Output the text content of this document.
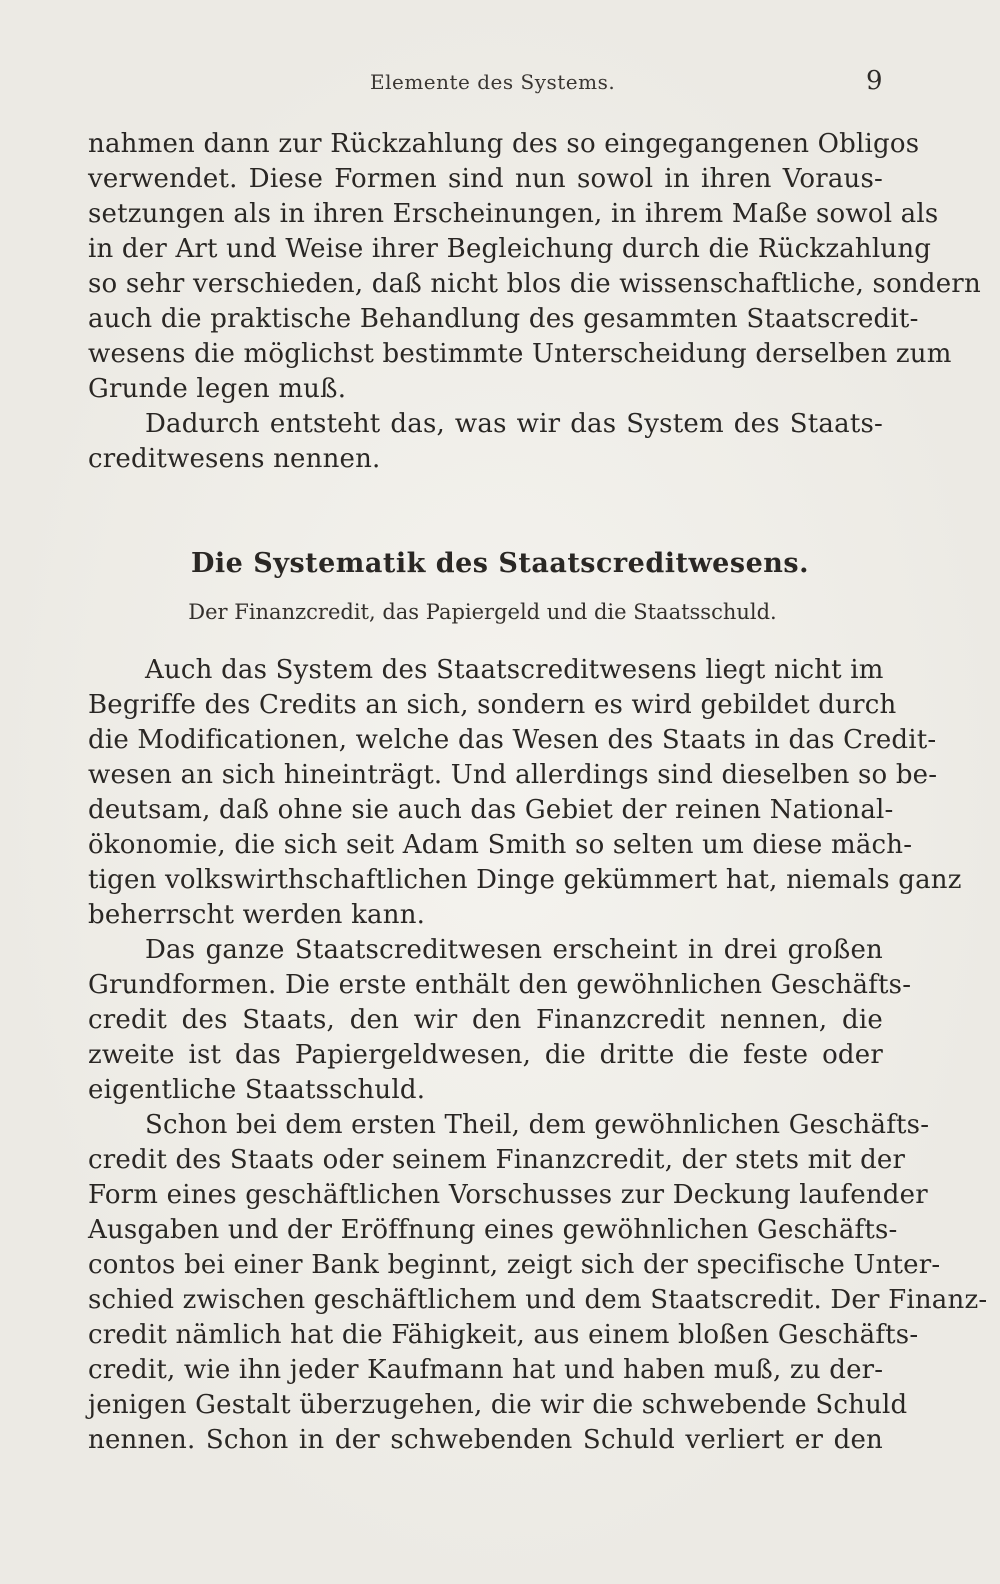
Elemente des Systems.	9
nahmen dann zur Rückzahlung des so eingegangenen Obligos
verwendet. Diese Formen sind nun sowol in ihren Voraus-
setzungen als in ihren Erscheinungen, in ihrem Maße sowol als
in der Art und Weise ihrer Begleichung durch die Rückzahlung
so sehr verschieden, daß nicht blos die wissenschaftliche, sondern
auch die praktische Behandlung des gesammten Staatscredit-
wesens die möglichst bestimmte Unterscheidung derselben zum
Grunde legen muß.
Dadurch entsteht das, was wir das System des Staats-
creditwesens nennen.
Die Systematik des Staatscreditwesens.
Der Finanzcredit, das Papiergeld und die Staatsschuld.
Auch das System des Staatscreditwesens liegt nicht im
Begriffe des Credits an sich, sondern es wird gebildet durch
die Modificationen, welche das Wesen des Staats in das Credit-
wesen an sich hineinträgt. Und allerdings sind dieselben so be-
deutsam, daß ohne sie auch das Gebiet der reinen National-
ökonomie, die sich seit Adam Smith so selten um diese mäch-
tigen volkswirthschaftlichen Dinge gekümmert hat, niemals ganz
beherrscht werden kann.
Das ganze Staatscreditwesen erscheint in drei großen
Grundformen. Die erste enthält den gewöhnlichen Geschäfts-
credit des Staats, den wir den Finanzcredit nennen, die
zweite ist das Papiergeldwesen, die dritte die feste oder
eigentliche Staatsschuld.
Schon bei dem ersten Theil, dem gewöhnlichen Geschäfts-
credit des Staats oder seinem Finanzcredit, der stets mit der
Form eines geschäftlichen Vorschusses zur Deckung laufender
Ausgaben und der Eröffnung eines gewöhnlichen Geschäfts-
contos bei einer Bank beginnt, zeigt sich der specifische Unter-
schied zwischen geschäftlichem und dem Staatscredit. Der Finanz-
credit nämlich hat die Fähigkeit, aus einem bloßen Geschäfts-
credit, wie ihn jeder Kaufmann hat und haben muß, zu der-
jenigen Gestalt überzugehen, die wir die schwebende Schuld
nennen. Schon in der schwebenden Schuld verliert er den
